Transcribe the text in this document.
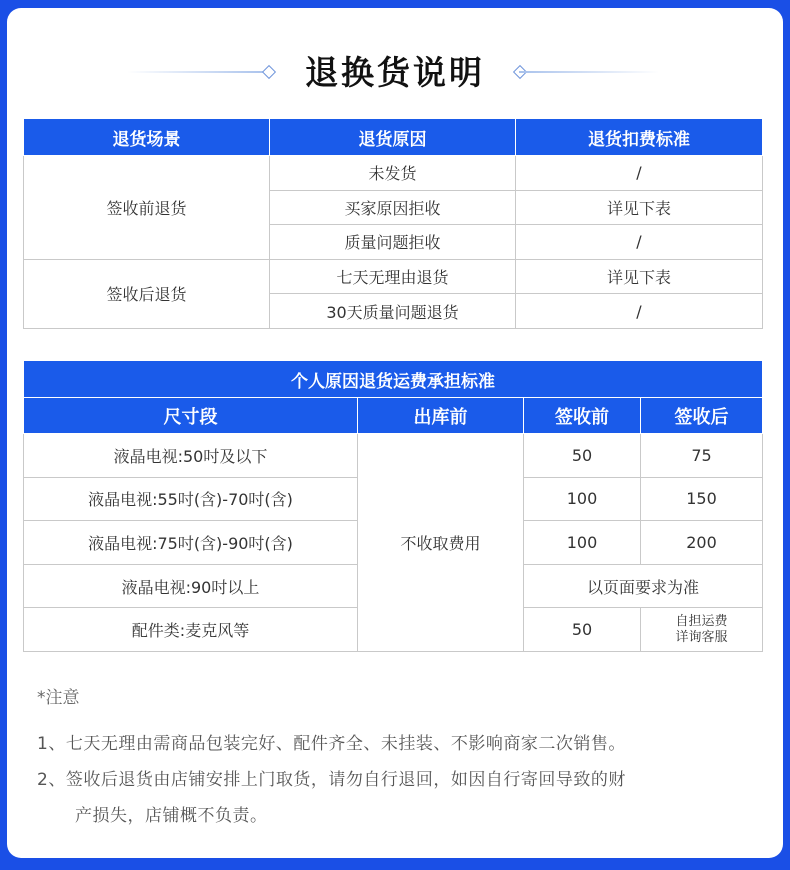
退换货说明
退货场景	退货原因	退货扣费标准
签收前退货	未发货	/
	买家原因拒收	详见下表
	质量问题拒收	/
签收后退货	七天无理由退货	详见下表
	30天质量问题退货	/
个人原因退货运费承担标准			
尺寸段	出库前	签收前	签收后
液晶电视:50吋及以下	不收取费用	50	75
液晶电视:55吋(含)-70吋(含)		100	150
液晶电视:75吋(含)-90吋(含)		100	200
液晶电视:90吋以上		以页面要求为准	
配件类:麦克风等		50	自担运费
详询客服
*注意
1、七天无理由需商品包装完好、配件齐全、未挂装、不影响商家二次销售。
2、签收后退货由店铺安排上门取货，请勿自行退回，如因自行寄回导致的财
产损失，店铺概不负责。
